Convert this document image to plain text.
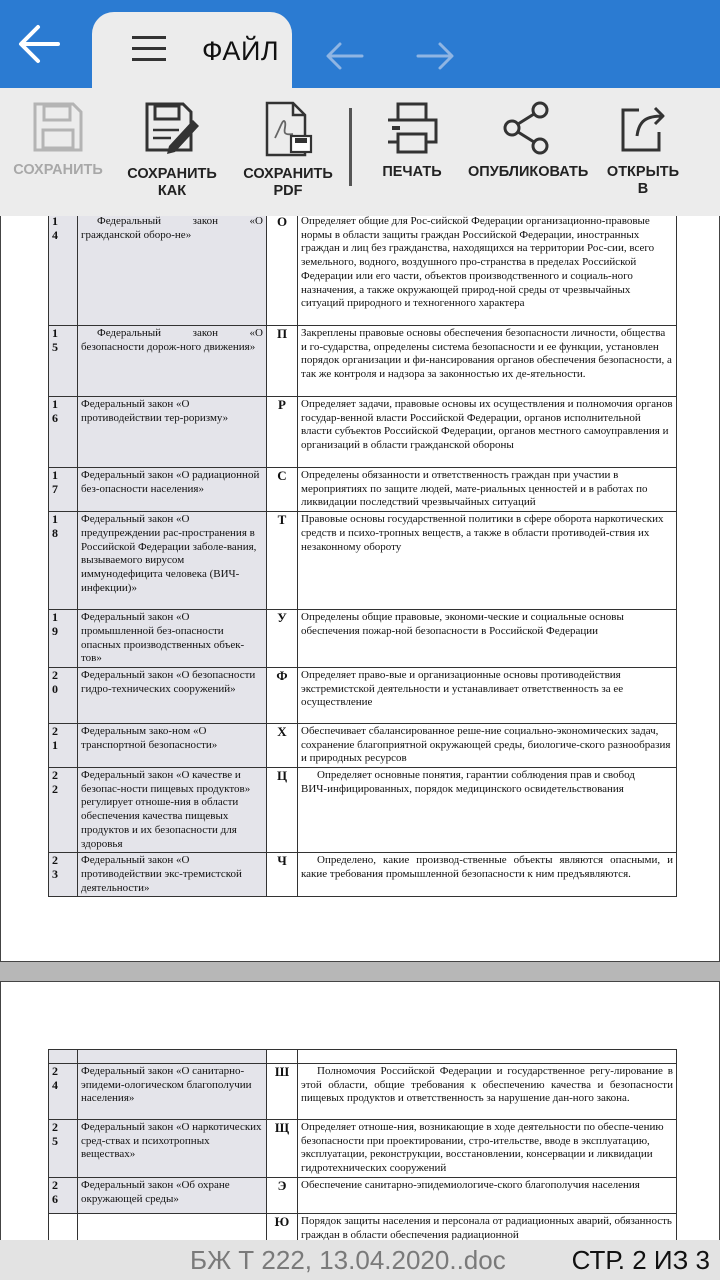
ФАЙЛ
СОХРАНИТЬ	СОХРАНИТЬ
КАК
СОХРАНИТЬ
PDF
ПЕЧАТЬ	ОПУБЛИКОВАТЬ	ОТКРЫТЬ
В
14	Федеральный закон «О гражданской оборо-не»	О	Определяет общие для Рос-сийской Федерации организационно-правовые нормы в области защиты граждан Российской Федерации, иностранных граждан и лиц без гражданства, находящихся на территории Рос-сии, всего земельного, водного, воздушного про-странства в пределах Российской Федерации или его части, объектов производственного и социаль-ного назначения, а также окружающей природ-ной среды от чрезвычайных ситуаций природного и техногенного характера

15	Федеральный закон «О безопасности дорож-ного движения»	П	Закреплены правовые основы обеспечения безопасности личности, общества и го-сударства, определены система безопасности и ее функции, установлен порядок организации и фи-нансирования органов обеспечения безопасности, а так же контроля и надзора за законностью их де-ятельности.

16	Федеральный закон «О противодействии тер-роризму»	Р	Определяет задачи, правовые основы их осуществления и полномочия органов государ-венной власти Российской Федерации, органов исполнительной власти субъектов Российской Федерации, органов местного самоуправления и организаций в области гражданской обороны

17	Федеральный закон «О радиационной без-опасности населения»	С	Определены обязанности и ответственность граждан при участии в мероприятиях по защите людей, мате-риальных ценностей и в работах по ликвидации последствий чрезвычайных ситуаций

18	Федеральный закон «О предупреждении рас-пространения в Российской Федерации заболе-вания, вызываемого вирусом иммунодефицита человека (ВИЧ-инфекции)»	Т	Правовые основы государственной политики в сфере оборота наркотических средств и психо-тропных веществ, а также в области противодей-ствия их незаконному обороту

19	Федеральный закон «О промышленной без-опасности опасных производственных объек-тов»	У	Определены общие правовые, экономи-ческие и социальные основы обеспечения пожар-ной безопасности в Российской Федерации

20	Федеральный закон «О безопасности гидро-технических сооружений»	Ф	Определяет право-вые и организационные основы противодействия экстремистской деятельности и устанавливает ответственность за ее осуществление

21	Федеральным зако-ном «О транспортной безопасности»	Х	Обеспечивает сбалансированное реше-ние социально-экономических задач, сохранение благоприятной окружающей среды, биологиче-ского разнообразия и природных ресурсов

22	Федеральный закон «О качестве и безопас-ности пищевых продуктов» регулирует отноше-ния в области обеспечения качества пищевых продуктов и их безопасности для здоровья	Ц	Определяет основные понятия, гарантии соблюдения прав и свобод
ВИЧ-инфицированных, порядок медицинского освидетельствования

23	Федеральный закон «О противодействии экс-тремистской деятельности»	Ч	Определено, какие производ-ственные объекты являются опасными, и какие требования промышленной безопасности к ним предъявляются.

24	Федеральный закон «О санитарно-эпидеми-ологическом благополучии населения»	Ш	Полномочия Российской Федерации и государственное регу-лирование в этой области, общие требования к обеспечению качества и безопасности пищевых продуктов и ответственность за нарушение дан-ного закона.

25	Федеральный закон «О наркотических сред-ствах и психотропных веществах»	Щ	Определяет отноше-ния, возникающие в ходе деятельности по обеспе-чению безопасности при проектировании, стро-ительстве, вводе в эксплуатацию, эксплуатации, реконструкции, восстановлении, консервации и ликвидации гидротехнических сооружений

26	Федеральный закон «Об охране окружающей среды»	Э	Обеспечение санитарно-эпидемиологиче-ского благополучия населения

		Ю	Порядок защиты населения и персонала от радиационных аварий, обязанность граждан в области обеспечения радиационной
БЖ Т 222, 13.04.2020..doc	СТР. 2 ИЗ 3
